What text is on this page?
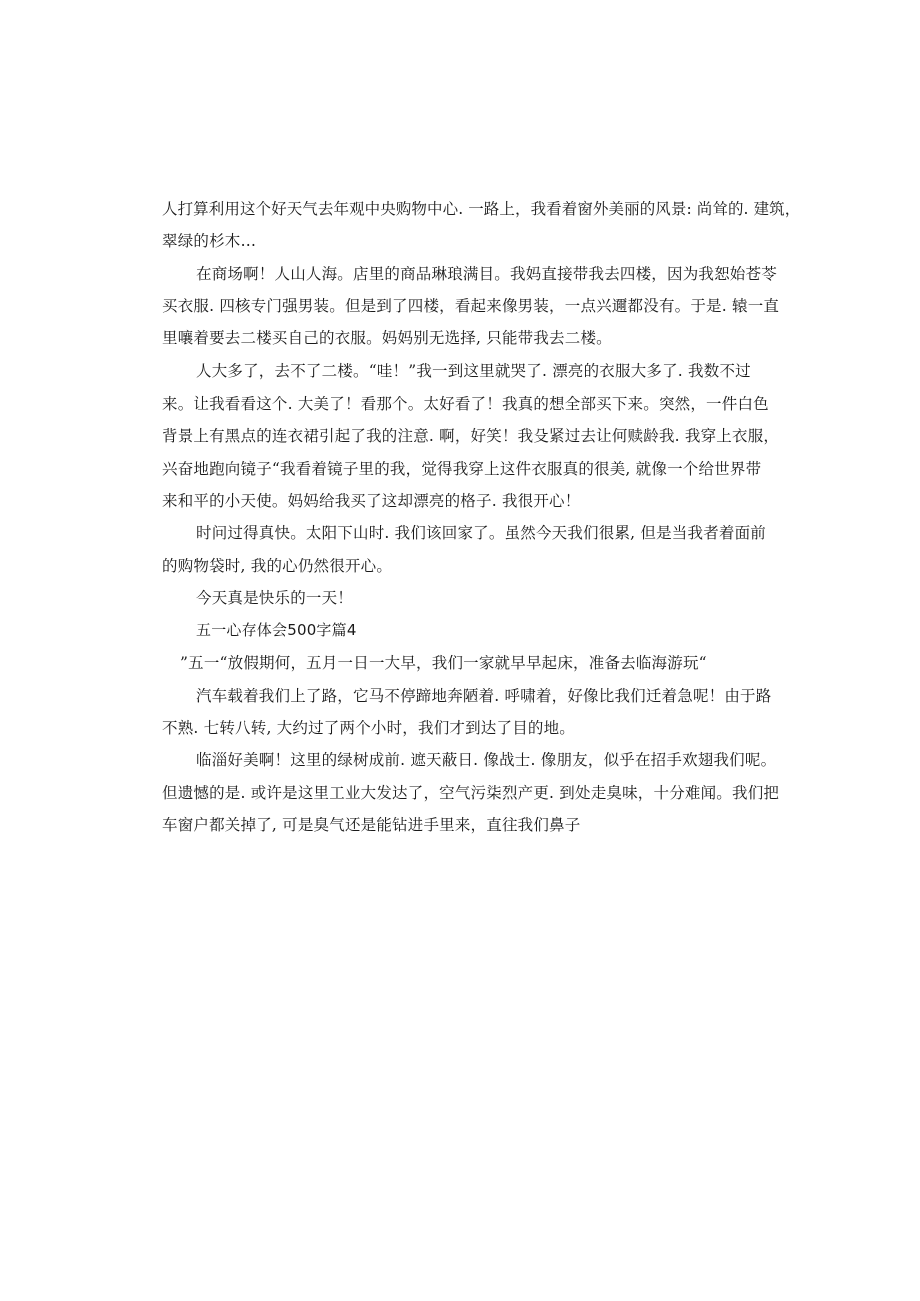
人打算利用这个好天气去年观中央购物中心. 一路上，我看着窗外美丽的风景: 尚耸的. 建筑，

翠绿的杉木…

在商场啊！人山人海。店里的商品琳琅满目。我妈直接带我去四楼，因为我恕始苍苓

买衣服. 四核专门强男装。但是到了四楼，看起来像男装，一点兴邇都没有。于是. 辕一直

里嚷着要去二楼买自己的衣服。妈妈别无选择, 只能带我去二楼。

人大多了，去不了二楼。“哇！”我一到这里就哭了. 漂亮的衣服大多了. 我数不过

来。让我看看这个. 大美了！看那个。太好看了！我真的想全部买下来。突然，一件白色

背景上有黑点的连衣裙引起了我的注意. 啊，好笑！我殳紧过去让何赎龄我. 我穿上衣服，

兴奋地跑向镜子“我看着镜子里的我，觉得我穿上这件衣服真的很美, 就像一个给世界带

来和平的小天使。妈妈给我买了这却漂亮的格子. 我很开心！

时问过得真快。太阳下山时. 我们该回家了。虽然今天我们很累, 但是当我者着面前

的购物袋时, 我的心仍然很开心。

今天真是快乐的一天！

五一心存体会500字篇4

”五一“放假期何，五月一日一大早，我们一家就早早起床，准备去临海游玩“

汽车载着我们上了路，它马不停蹄地奔陋着. 呼啸着，好像比我们迁着急呢！由于路

不熟. 七转八转, 大约过了两个小时，我们才到达了目的地。

临淄好美啊！这里的绿树成前. 遮天蔽日. 像战士. 像朋友，似乎在招手欢翅我们呢。

但遗憾的是. 或许是这里工业大发达了，空气污柒烈产更. 到处走臭味，十分难闻。我们把

车窗户都关掉了, 可是臭气还是能钻进手里来，直往我们鼻子
